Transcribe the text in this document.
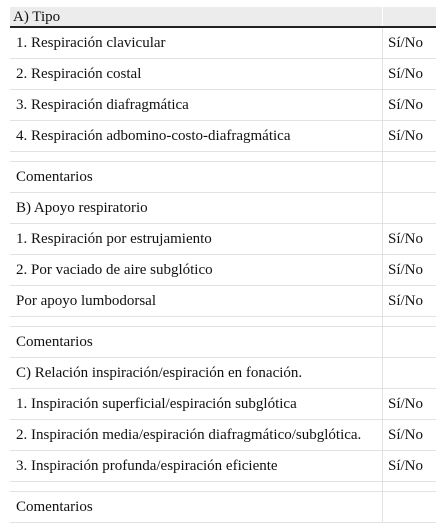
A) Tipo
1. Respiración clavicular	Sí/No
2. Respiración costal	Sí/No
3. Respiración diafragmática	Sí/No
4. Respiración adbomino-costo-diafragmática	Sí/No
Comentarios
B) Apoyo respiratorio
1. Respiración por estrujamiento	Sí/No
2. Por vaciado de aire subglótico	Sí/No
Por apoyo lumbodorsal	Sí/No
Comentarios
C) Relación inspiración/espiración en fonación.
1. Inspiración superficial/espiración subglótica	Sí/No
2. Inspiración media/espiración diafragmático/subglótica.	Sí/No
3. Inspiración profunda/espiración eficiente	Sí/No
Comentarios
